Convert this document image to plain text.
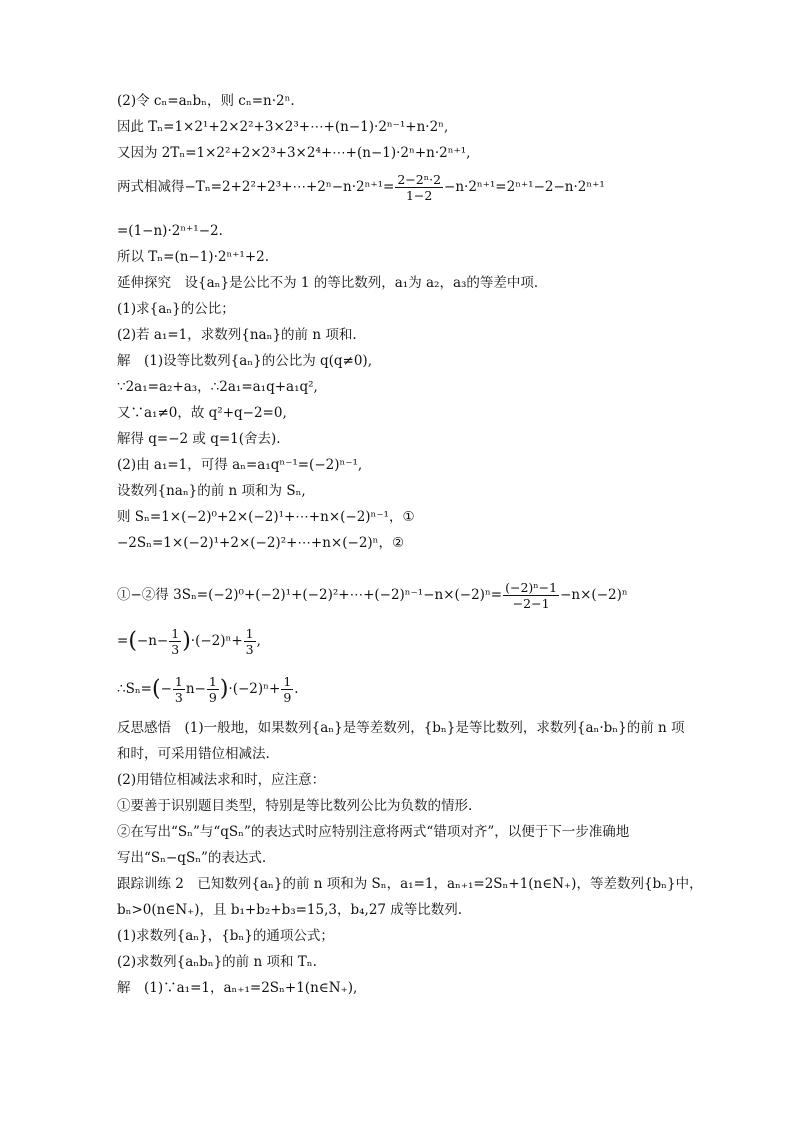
(2)令 cₙ=aₙbₙ，则 cₙ=n·2ⁿ.
因此 Tₙ=1×2¹+2×2²+3×2³+⋯+(n−1)·2ⁿ⁻¹+n·2ⁿ,
又因为 2Tₙ=1×2²+2×2³+3×2⁴+⋯+(n−1)·2ⁿ+n·2ⁿ⁺¹,
两式相减得−Tₙ=2+2²+2³+⋯+2ⁿ−n·2ⁿ⁺¹= $\frac{\text{2−2ⁿ·2}}{1-2} -n\cdot 2^{n+1}=2^{n+1}-2-n\cdot 2^{n+1}$
=(1−n)·2ⁿ⁺¹−2.
所以 Tₙ=(n−1)·2ⁿ⁺¹+2.
延伸探究　设{aₙ}是公比不为 1 的等比数列，a₁为 a₂，a₃的等差中项．
(1)求{aₙ}的公比；
(2)若 a₁=1，求数列{naₙ}的前 n 项和.
解　(1)设等比数列{aₙ}的公比为 q(q≠0),
∵2a₁=a₂+a₃，∴2a₁=a₁q+a₁q²,
又∵a₁≠0，故 q²+q−2=0,
解得 q=−2 或 q=1(舍去).
(2)由 a₁=1，可得 aₙ=a₁qⁿ⁻¹=(−2)ⁿ⁻¹,
设数列{naₙ}的前 n 项和为 Sₙ,
则 Sₙ=1×(−2)⁰+2×(−2)¹+⋯+n×(−2)ⁿ⁻¹，①
−2Sₙ=1×(−2)¹+2×(−2)²+⋯+n×(−2)ⁿ，②
①−②得 3Sₙ=(−2)⁰+(−2)¹+(−2)²+⋯+(−2)ⁿ⁻¹−n×(−2)ⁿ= $\frac{\text{(−2)ⁿ−1}}{-2-1} -n\times(-2)^n$
$=(-n- \frac{1}{3} )\cdot(-2)^n+ \frac{1}{3}$ ,
∴Sₙ=(− $\frac{1}{3} n- \frac{1}{9} )\cdot(-2)^n+ \frac{1}{9}$ .
反思感悟　(1)一般地，如果数列{aₙ}是等差数列，{bₙ}是等比数列，求数列{aₙ·bₙ}的前 n 项
和时，可采用错位相减法.
(2)用错位相减法求和时，应注意：
①要善于识别题目类型，特别是等比数列公比为负数的情形.
②在写出“Sₙ”与“qSₙ”的表达式时应特别注意将两式“错项对齐”，以便于下一步准确地
写出“Sₙ−qSₙ”的表达式.
跟踪训练 2　已知数列{aₙ}的前 n 项和为 Sₙ，a₁=1，aₙ₊₁=2Sₙ+1(n∈N₊)，等差数列{bₙ}中，
bₙ>0(n∈N₊)，且 b₁+b₂+b₃=15,3，b₄,27 成等比数列.
(1)求数列{aₙ}，{bₙ}的通项公式；
(2)求数列{aₙbₙ}的前 n 项和 Tₙ.
解　(1)∵a₁=1，aₙ₊₁=2Sₙ+1(n∈N₊),
